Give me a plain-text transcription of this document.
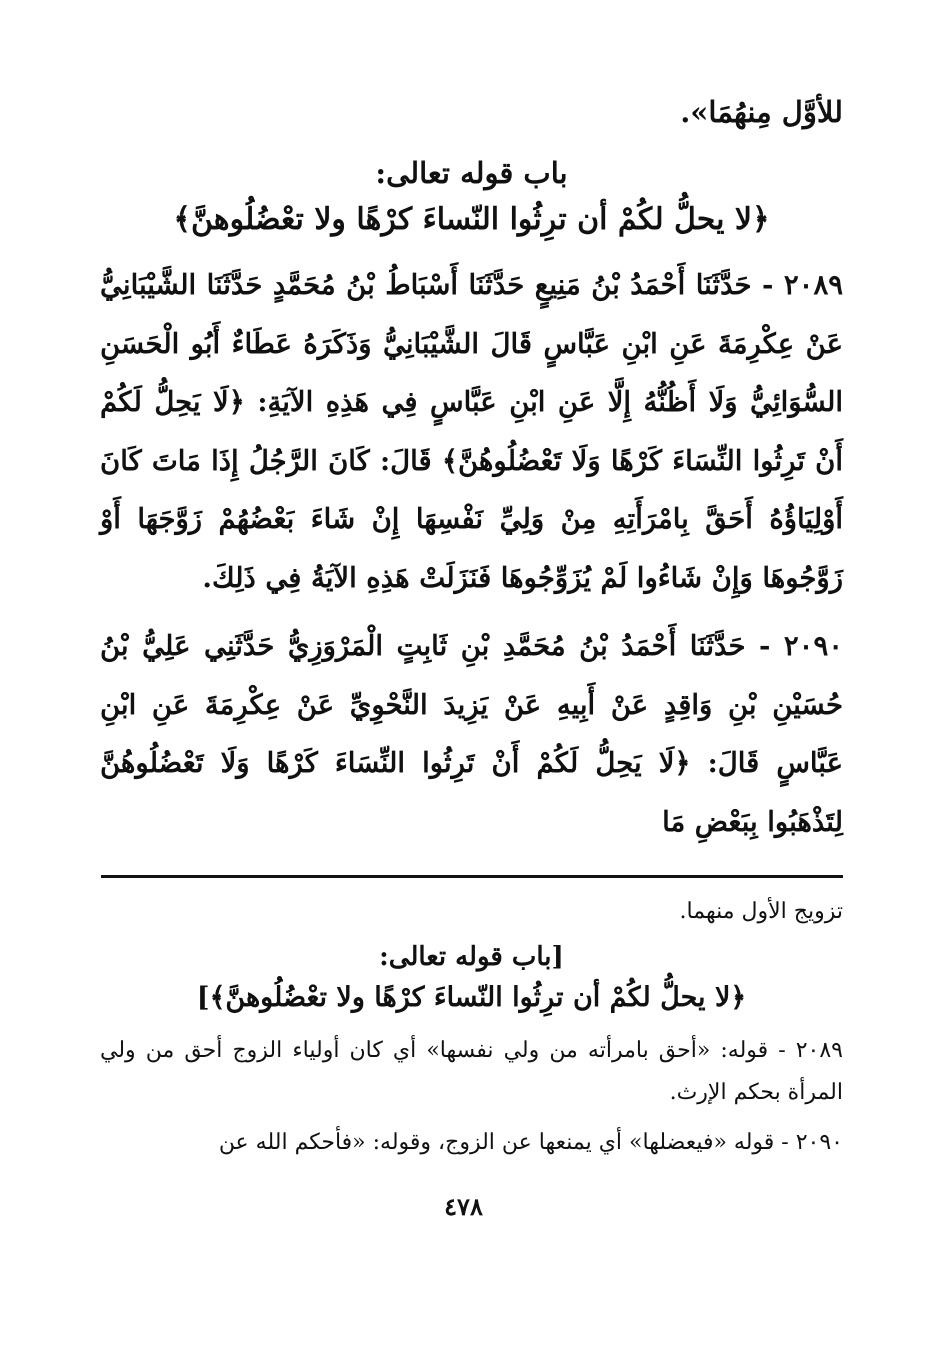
للأوَّل مِنهُمَا».

باب قوله تعالى:

﴿لا يحلُّ لكُمْ أن ترِثُوا النّساءَ كرْهًا ولا تعْضُلُوهنَّ﴾

٢٠٨٩ - حَدَّثَنَا أَحْمَدُ بْنُ مَنِيعٍ حَدَّثَنَا أَسْبَاطُ بْنُ مُحَمَّدٍ حَدَّثَنَا الشَّيْبَانِيُّ عَنْ عِكْرِمَةَ عَنِ ابْنِ عَبَّاسٍ قَالَ الشَّيْبَانِيُّ وَذَكَرَهُ عَطَاءٌ أَبُو الْحَسَنِ السُّوَائِيُّ وَلَا أَظُنُّهُ إِلَّا عَنِ ابْنِ عَبَّاسٍ فِي هَذِهِ الآيَةِ: ﴿لَا يَحِلُّ لَكُمْ أَنْ تَرِثُوا النِّسَاءَ كَرْهًا وَلَا تَعْضُلُوهُنَّ﴾ قَالَ: كَانَ الرَّجُلُ إِذَا مَاتَ كَانَ أَوْلِيَاؤُهُ أَحَقَّ بِامْرَأَتِهِ مِنْ وَلِيِّ نَفْسِهَا إِنْ شَاءَ بَعْضُهُمْ زَوَّجَهَا أَوْ زَوَّجُوهَا وَإِنْ شَاءُوا لَمْ يُزَوِّجُوهَا فَنَزَلَتْ هَذِهِ الآيَةُ فِي ذَلِكَ.

٢٠٩٠ - حَدَّثَنَا أَحْمَدُ بْنُ مُحَمَّدِ بْنِ ثَابِتٍ الْمَرْوَزِيُّ حَدَّثَنِي عَلِيُّ بْنُ حُسَيْنِ بْنِ وَاقِدٍ عَنْ أَبِيهِ عَنْ يَزِيدَ النَّحْوِيِّ عَنْ عِكْرِمَةَ عَنِ ابْنِ عَبَّاسٍ قَالَ: ﴿لَا يَحِلُّ لَكُمْ أَنْ تَرِثُوا النِّسَاءَ كَرْهًا وَلَا تَعْضُلُوهُنَّ لِتَذْهَبُوا بِبَعْضِ مَا

تزويج الأول منهما.

[باب قوله تعالى:

﴿لا يحلُّ لكُمْ أن ترِثُوا النّساءَ كرْهًا ولا تعْضُلُوهنَّ﴾]

٢٠٨٩ - قوله: «أحق بامرأته من ولي نفسها» أي كان أولياء الزوج أحق من ولي المرأة بحكم الإرث.

٢٠٩٠ - قوله «فيعضلها» أي يمنعها عن الزوج، وقوله: «فأحكم الله عن

٤٧٨
